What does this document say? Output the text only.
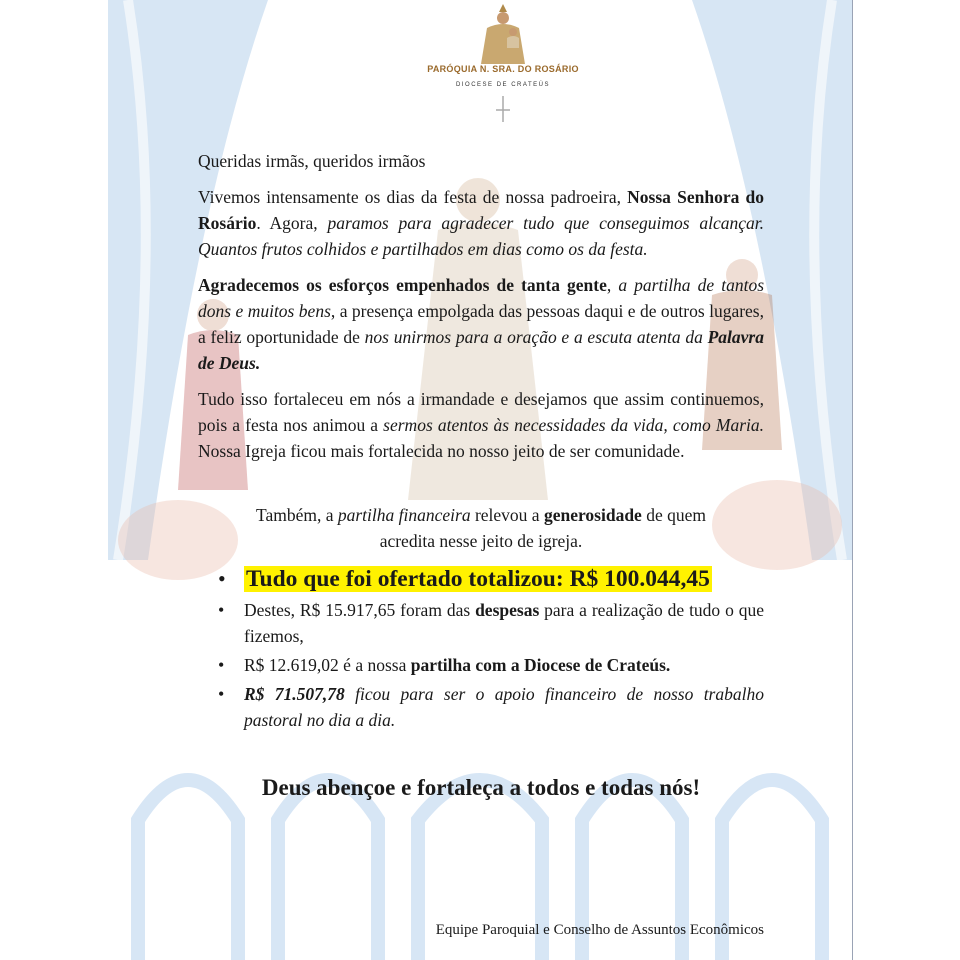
PARÓQUIA N. SRA. DO ROSÁRIO
DIOCESE DE CRATEÚS

Queridas irmãs, queridos irmãos

Vivemos intensamente os dias da festa de nossa padroeira, Nossa Senhora do Rosário. Agora, paramos para agradecer tudo que conseguimos alcançar. Quantos frutos colhidos e partilhados em dias como os da festa.

Agradecemos os esforços empenhados de tanta gente, a partilha de tantos dons e muitos bens, a presença empolgada das pessoas daqui e de outros lugares, a feliz oportunidade de nos unirmos para a oração e a escuta atenta da Palavra de Deus.

Tudo isso fortaleceu em nós a irmandade e desejamos que assim continuemos, pois a festa nos animou a sermos atentos às necessidades da vida, como Maria. Nossa Igreja ficou mais fortalecida no nosso jeito de ser comunidade.

Também, a partilha financeira relevou a generosidade de quem acredita nesse jeito de igreja.

• Tudo que foi ofertado totalizou: R$ 100.044,45
• Destes, R$ 15.917,65 foram das despesas para a realização de tudo o que fizemos,
• R$ 12.619,02 é a nossa partilha com a Diocese de Crateús.
• R$ 71.507,78 ficou para ser o apoio financeiro de nosso trabalho pastoral no dia a dia.
Deus abençoe e fortaleça a todos e todas nós!
Equipe Paroquial e Conselho de Assuntos Econômicos
